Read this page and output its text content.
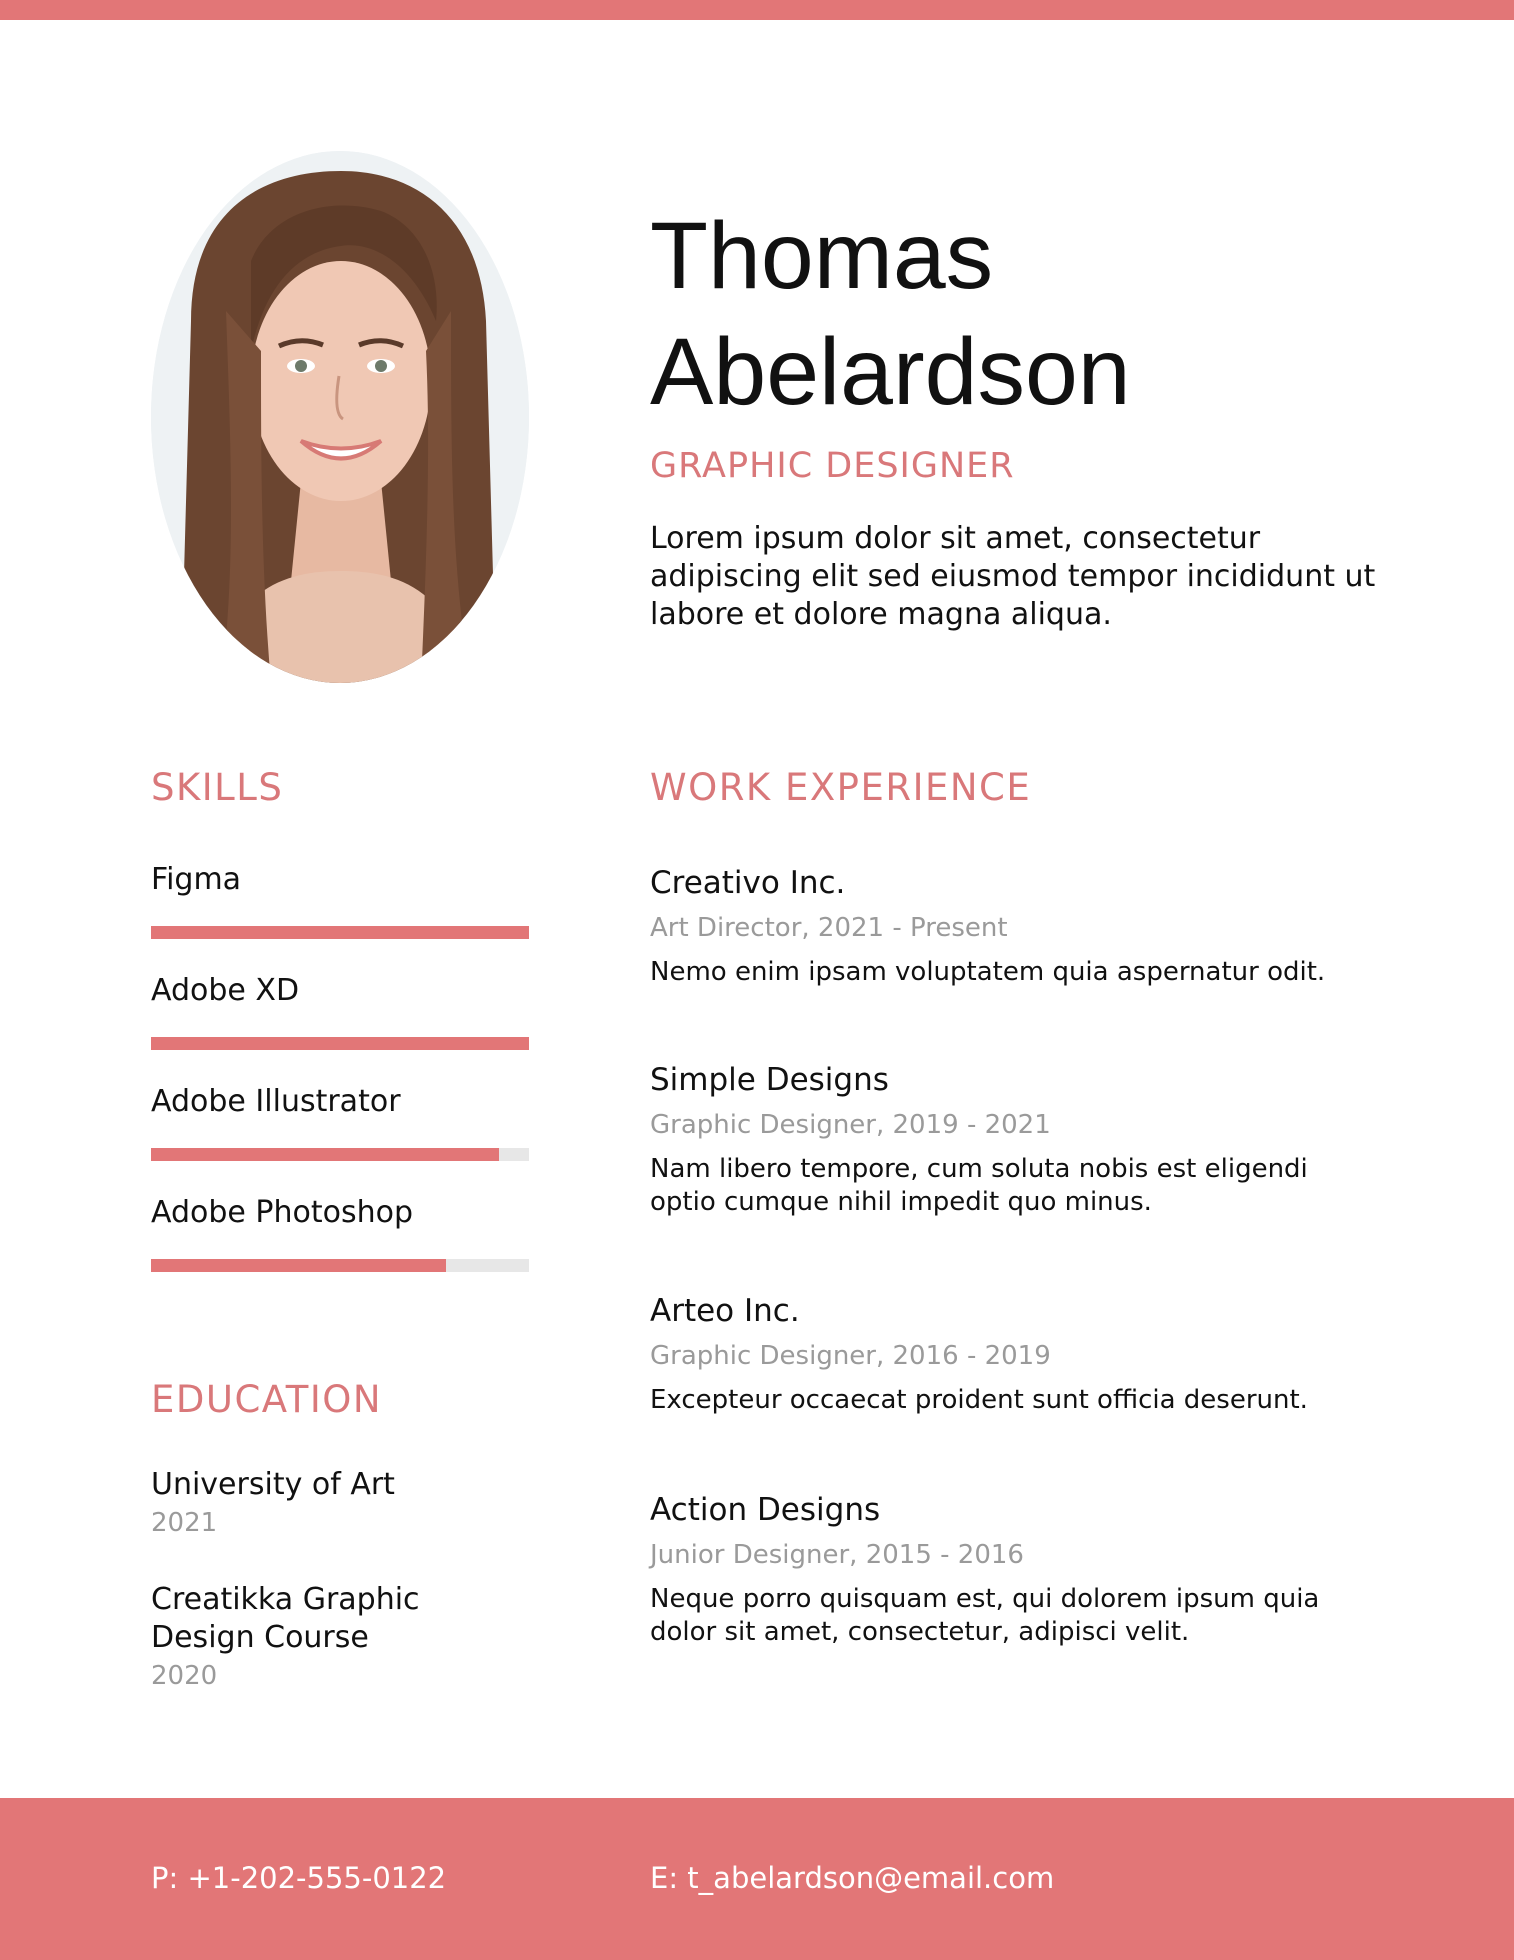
Thomas
Abelardson

GRAPHIC DESIGNER

Lorem ipsum dolor sit amet, consectetur adipiscing elit sed eiusmod tempor incididunt ut labore et dolore magna aliqua.

SKILLS
Figma
Adobe XD
Adobe Illustrator
Adobe Photoshop
EDUCATION
University of Art
2021
Creatikka Graphic
Design Course
2020
WORK EXPERIENCE
Creativo Inc.
Art Director, 2021 - Present
Nemo enim ipsam voluptatem quia aspernatur odit.
Simple Designs
Graphic Designer, 2019 - 2021
Nam libero tempore, cum soluta nobis est eligendi
optio cumque nihil impedit quo minus.
Arteo Inc.
Graphic Designer, 2016 - 2019
Excepteur occaecat proident sunt officia deserunt.
Action Designs
Junior Designer, 2015 - 2016
Neque porro quisquam est, qui dolorem ipsum quia
dolor sit amet, consectetur, adipisci velit.
P: +1-202-555-0122	E: t_abelardson@email.com
